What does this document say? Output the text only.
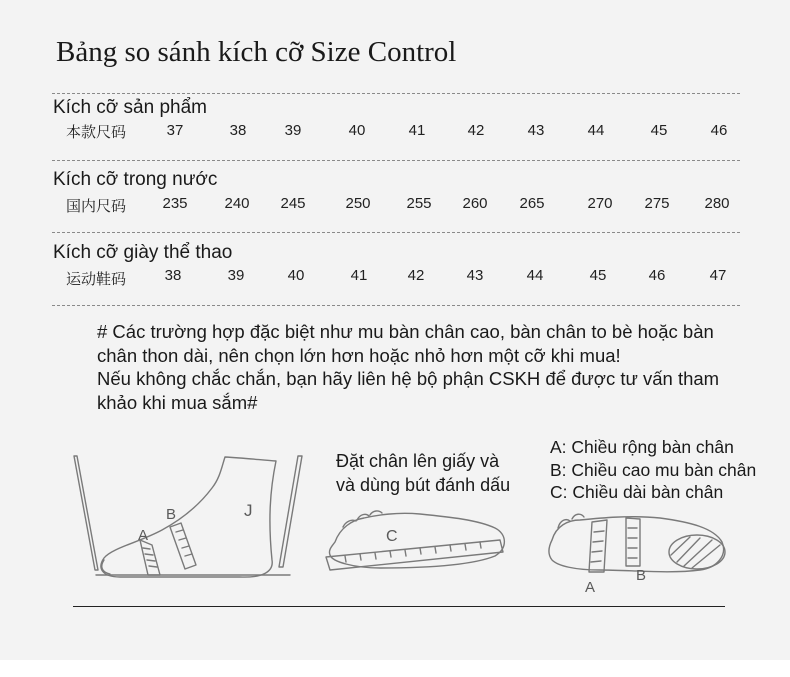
Bảng so sánh kích cỡ Size Control
Kích cỡ sản phẩm
本款尺码	37	38	39	40	41	42	43	44	45	46
Kích cỡ trong nước
国内尺码	235	240	245	250	255	260	265	270	275	280
Kích cỡ giày thể thao
运动鞋码	38	39	40	41	42	43	44	45	46	47
# Các trường hợp đặc biệt như mu bàn chân cao, bàn chân to bè hoặc bàn
chân thon dài, nên chọn lớn hơn hoặc nhỏ hơn một cỡ khi mua!
Nếu không chắc chắn, bạn hãy liên hệ bộ phận CSKH để được tư vấn tham
khảo khi mua sắm#
A
B	J
C
A
B
Đặt chân lên giấy và
và dùng bút đánh dấu
A: Chiều rộng bàn chân
B: Chiều cao mu bàn chân
C: Chiều dài bàn chân
